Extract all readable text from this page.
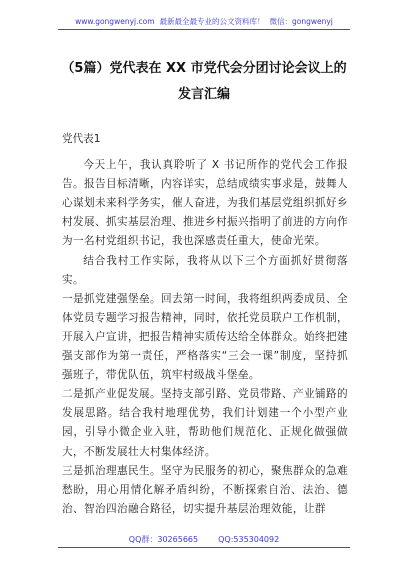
www.gongwenyj.com 最新最全最专业的公文资料库！ 微信：gongwenyj
（5篇）党代表在 XX 市党代会分团讨论会议上的发言汇编

党代表1

今天上午，我认真聆听了 X 书记所作的党代会工作报告。报告目标清晰，内容详实，总结成绩实事求是，鼓舞人心谋划未来科学务实，催人奋进，为我们基层党组织抓好乡村发展、抓实基层治理、推进乡村振兴指明了前进的方向作为一名村党组织书记，我也深感责任重大，使命光荣。

结合我村工作实际，我将从以下三个方面抓好贯彻落实。

一是抓党建强堡垒。回去第一时间，我将组织两委成员、全体党员专题学习报告精神，同时，依托党员联户工作机制，开展入户宣讲，把报告精神实质传达给全体群众。始终把建强支部作为第一责任，严格落实“三会一课”制度，坚持抓强班子，带优队伍，筑牢村级战斗堡垒。

二是抓产业促发展。坚持支部引路、党员带路、产业铺路的发展思路。结合我村地理优势，我们计划建一个小型产业园，引导小微企业入驻，帮助他们规范化、正规化做强做大，不断发展壮大村集体经济。

三是抓治理惠民生。坚守为民服务的初心，聚焦群众的急难愁盼，用心用情化解矛盾纠纷，不断探索自治、法治、德治、智治四治融合路径，切实提升基层治理效能，让群

QQ群：30265665	QQ:535304092
